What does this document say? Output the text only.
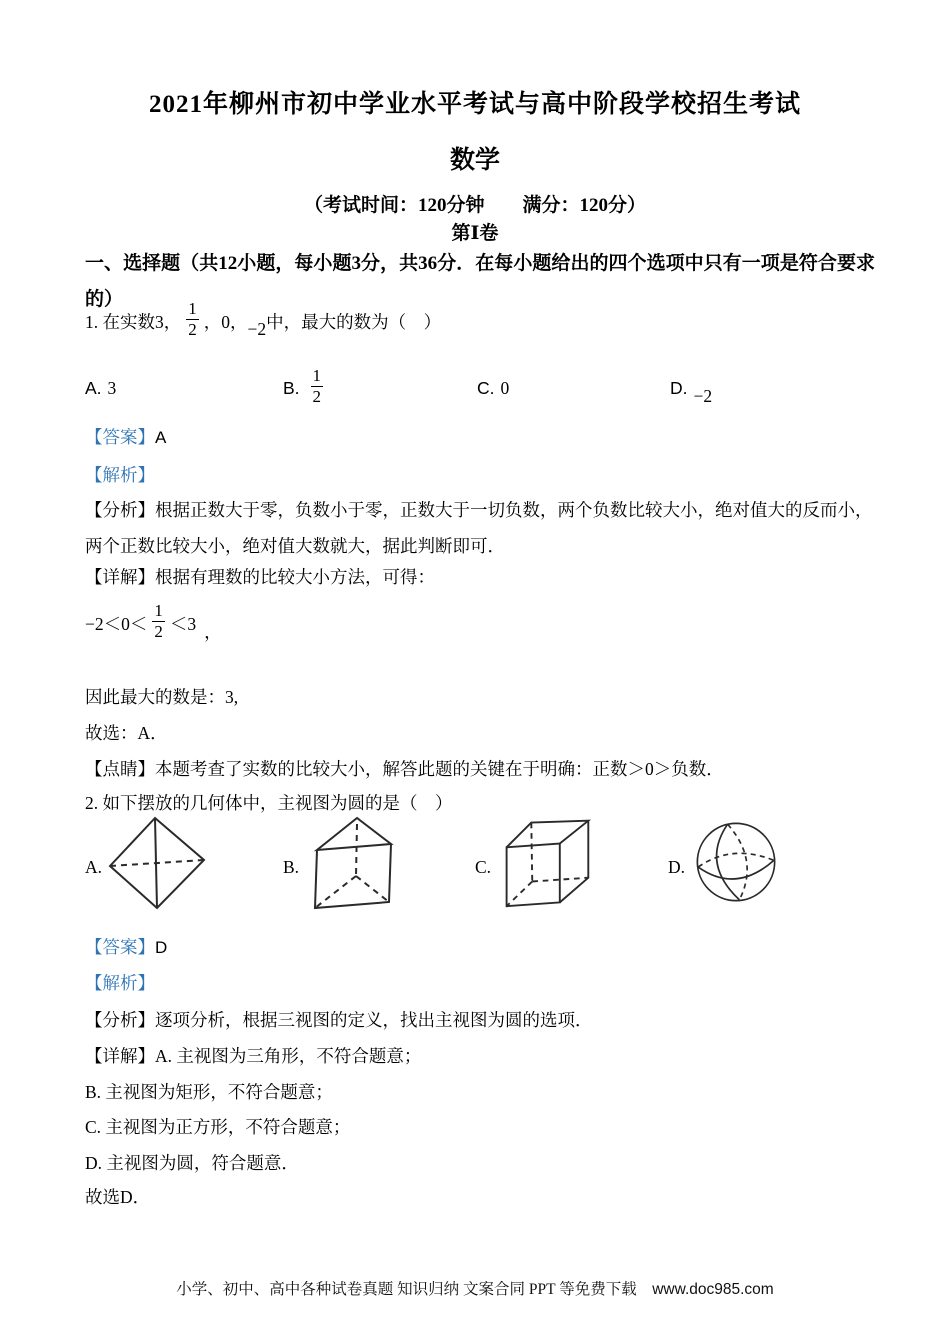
2021年柳州市初中学业水平考试与高中阶段学校招生考试
数学
（考试时间：120分钟　　满分：120分）
第Ⅰ卷
一、选择题（共12小题，每小题3分，共36分．在每小题给出的四个选项中只有一项是符合要求的）
1. 在实数3， $\frac{1}{2}$ ，0， −2 中，最大的数为（　）
A. 3	B. $\frac{1}{2}$	C. 0	D. −2
【答案】A
【解析】
【分析】根据正数大于零，负数小于零，正数大于一切负数，两个负数比较大小，绝对值大的反而小，两个正数比较大小，绝对值大数就大，据此判断即可．
【详解】根据有理数的比较大小方法，可得：
$-2<0< \frac{1}{2} <3$ ，
因此最大的数是：3,
故选：A．
【点睛】本题考查了实数的比较大小，解答此题的关键在于明确：正数＞0＞负数．
2. 如下摆放的几何体中，主视图为圆的是（　）
A.	B.	C.	D.
【答案】D
【解析】
【分析】逐项分析，根据三视图的定义，找出主视图为圆的选项．
【详解】A. 主视图为三角形，不符合题意；
B. 主视图为矩形，不符合题意；
C. 主视图为正方形，不符合题意；
D. 主视图为圆，符合题意．
故选D．
小学、初中、高中各种试卷真题 知识归纳 文案合同 PPT 等免费下载 www.doc985.com
